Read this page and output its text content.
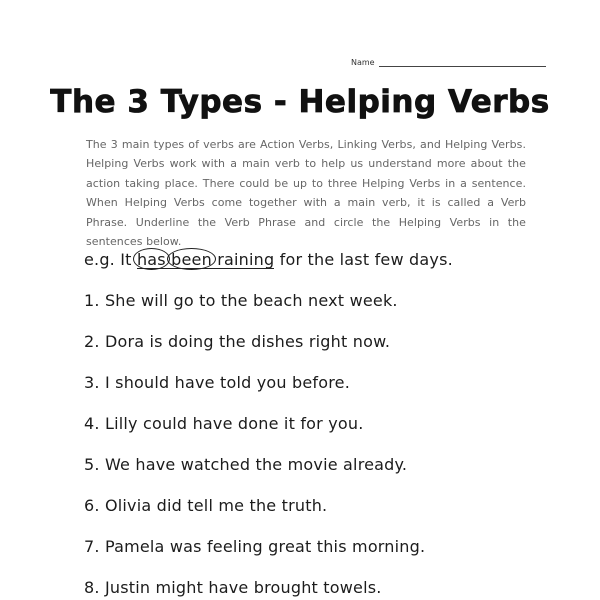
Name
The 3 Types - Helping Verbs
The 3 main types of verbs are Action Verbs, Linking Verbs, and Helping Verbs. Helping Verbs work with a main verb to help us understand more about the action taking place. There could be up to three Helping Verbs in a sentence. When Helping Verbs come together with a main verb, it is called a Verb Phrase. Underline the Verb Phrase and circle the Helping Verbs in the sentences below.
e.g. It has been raining
for the last few days.
1. She will go to the beach next week.
2. Dora is doing the dishes right now.
3. I should have told you before.
4. Lilly could have done it for you.
5. We have watched the movie already.
6. Olivia did tell me the truth.
7. Pamela was feeling great this morning.
8. Justin might have brought towels.
